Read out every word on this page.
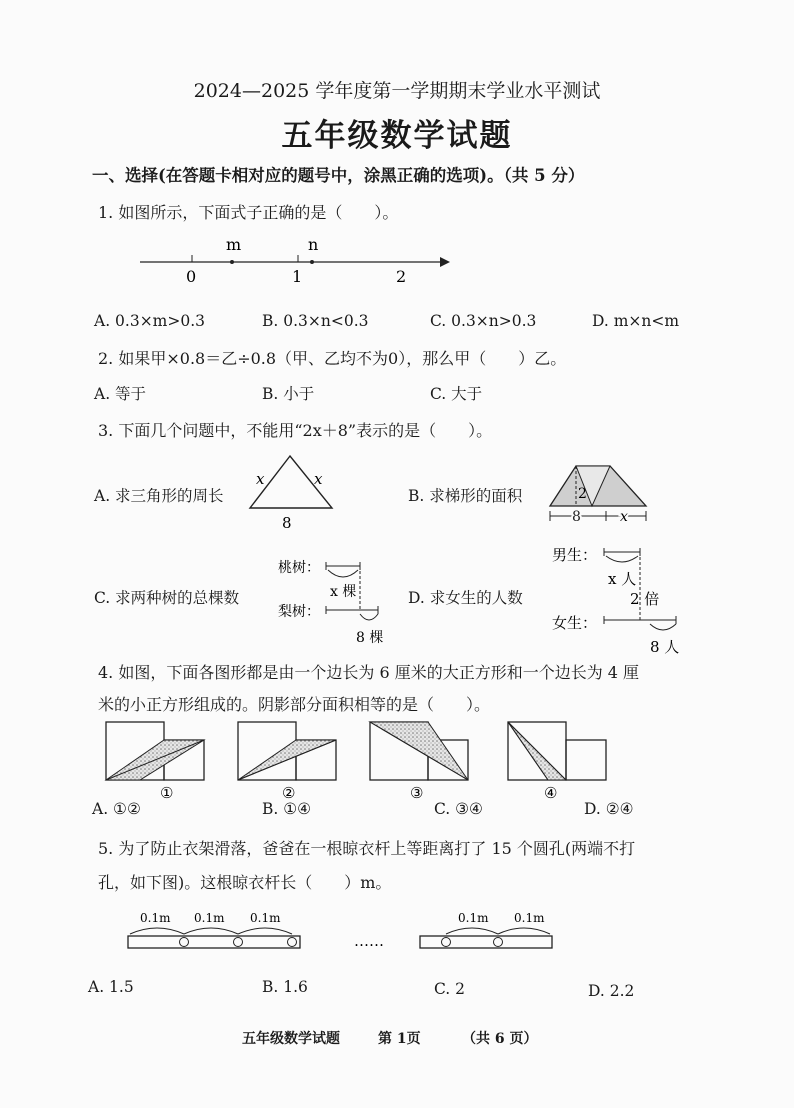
2024—2025 学年度第一学期期末学业水平测试
五年级数学试题
一、选择(在答题卡相对应的题号中，涂黑正确的选项)。（共 5 分）
1. 如图所示，下面式子正确的是（　　）。
m	n
0	1	2
A. 0.3×m>0.3	B. 0.3×n<0.3	C. 0.3×n>0.3	D. m×n<m
2. 如果甲×0.8＝乙÷0.8（甲、乙均不为0），那么甲（　　）乙。
A. 等于	B. 小于	C. 大于
3. 下面几个问题中，不能用“2x＋8”表示的是（　　）。
A. 求三角形的周长
x	x
8
B. 求梯形的面积	2
8	x
C. 求两种树的总棵数
桃树：
梨树：
x 棵
8 棵
D. 求女生的人数
男生：
女生：
x 人
2 倍
8 人
4. 如图，下面各图形都是由一个边长为 6 厘米的大正方形和一个边长为 4 厘
米的小正方形组成的。阴影部分面积相等的是（　　）。
①	②	③	④
A. ①②	B. ①④	C. ③④	D. ②④
5. 为了防止衣架滑落，爸爸在一根晾衣杆上等距离打了 15 个圆孔(两端不打
孔，如下图)。这根晾衣杆长（　　）m。
0.1m 0.1m 0.1m
……
0.1m 0.1m
A. 1.5	B. 1.6	C. 2	D. 2.2
五年级数学试题	第 1页	（共 6 页）
